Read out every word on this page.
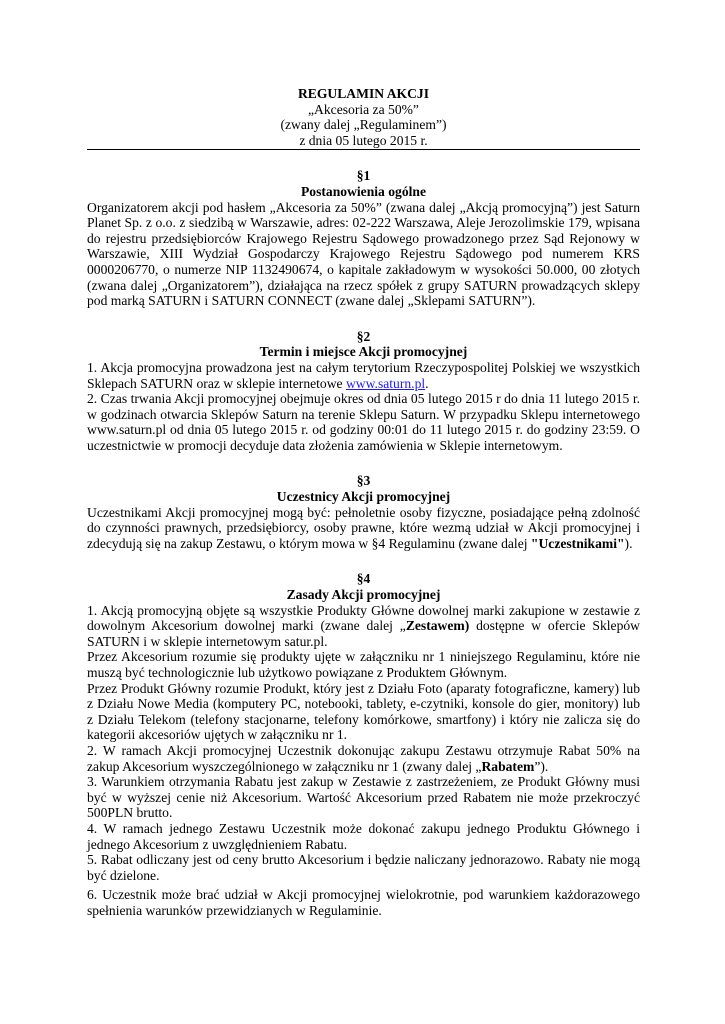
REGULAMIN AKCJI
„Akcesoria za 50%”
(zwany dalej „Regulaminem”)
z dnia 05 lutego 2015 r.
§1
Postanowienia ogólne

Organizatorem akcji pod hasłem „Akcesoria za 50%” (zwana dalej „Akcją promocyjną”) jest Saturn Planet Sp. z o.o. z siedzibą w Warszawie, adres: 02-222 Warszawa, Aleje Jerozolimskie 179, wpisana do rejestru przedsiębiorców Krajowego Rejestru Sądowego prowadzonego przez Sąd Rejonowy w Warszawie, XIII Wydział Gospodarczy Krajowego Rejestru Sądowego pod numerem KRS 0000206770, o numerze NIP 1132490674, o kapitale zakładowym w wysokości 50.000, 00 złotych (zwana dalej „Organizatorem”), działająca na rzecz spółek z grupy SATURN prowadzących sklepy pod marką SATURN i SATURN CONNECT (zwane dalej „Sklepami SATURN”).

§2
Termin i miejsce Akcji promocyjnej

1. Akcja promocyjna prowadzona jest na całym terytorium Rzeczypospolitej Polskiej we wszystkich Sklepach SATURN oraz w sklepie internetowe www.saturn.pl.

2. Czas trwania Akcji promocyjnej obejmuje okres od dnia 05 lutego 2015 r do dnia 11 lutego 2015 r. w godzinach otwarcia Sklepów Saturn na terenie Sklepu Saturn. W przypadku Sklepu internetowego www.saturn.pl od dnia 05 lutego 2015 r. od godziny 00:01 do 11 lutego 2015 r. do godziny 23:59. O uczestnictwie w promocji decyduje data złożenia zamówienia w Sklepie internetowym.

§3
Uczestnicy Akcji promocyjnej

Uczestnikami Akcji promocyjnej mogą być: pełnoletnie osoby fizyczne, posiadające pełną zdolność do czynności prawnych, przedsiębiorcy, osoby prawne, które wezmą udział w Akcji promocyjnej i zdecydują się na zakup Zestawu, o którym mowa w §4 Regulaminu (zwane dalej "Uczestnikami").

§4
Zasady Akcji promocyjnej

1. Akcją promocyjną objęte są wszystkie Produkty Główne dowolnej marki zakupione w zestawie z dowolnym Akcesorium dowolnej marki (zwane dalej „Zestawem) dostępne w ofercie Sklepów SATURN i w sklepie internetowym satur.pl.

Przez Akcesorium rozumie się produkty ujęte w załączniku nr 1 niniejszego Regulaminu, które nie muszą być technologicznie lub użytkowo powiązane z Produktem Głównym.

Przez Produkt Główny rozumie Produkt, który jest z Działu Foto (aparaty fotograficzne, kamery) lub z Działu Nowe Media (komputery PC, notebooki, tablety, e-czytniki, konsole do gier, monitory) lub z Działu Telekom (telefony stacjonarne, telefony komórkowe, smartfony) i który nie zalicza się do kategorii akcesoriów ujętych w załączniku nr 1.

2. W ramach Akcji promocyjnej Uczestnik dokonując zakupu Zestawu otrzymuje Rabat 50% na zakup Akcesorium wyszczególnionego w załączniku nr 1 (zwany dalej „Rabatem”).

3. Warunkiem otrzymania Rabatu jest zakup w Zestawie z zastrzeżeniem, ze Produkt Główny musi być w wyższej cenie niż Akcesorium. Wartość Akcesorium przed Rabatem nie może przekroczyć 500PLN brutto.

4. W ramach jednego Zestawu Uczestnik może dokonać zakupu jednego Produktu Głównego i jednego Akcesorium z uwzględnieniem Rabatu.

5. Rabat odliczany jest od ceny brutto Akcesorium i będzie naliczany jednorazowo. Rabaty nie mogą być dzielone.

6. Uczestnik może brać udział w Akcji promocyjnej wielokrotnie, pod warunkiem każdorazowego spełnienia warunków przewidzianych w Regulaminie.
